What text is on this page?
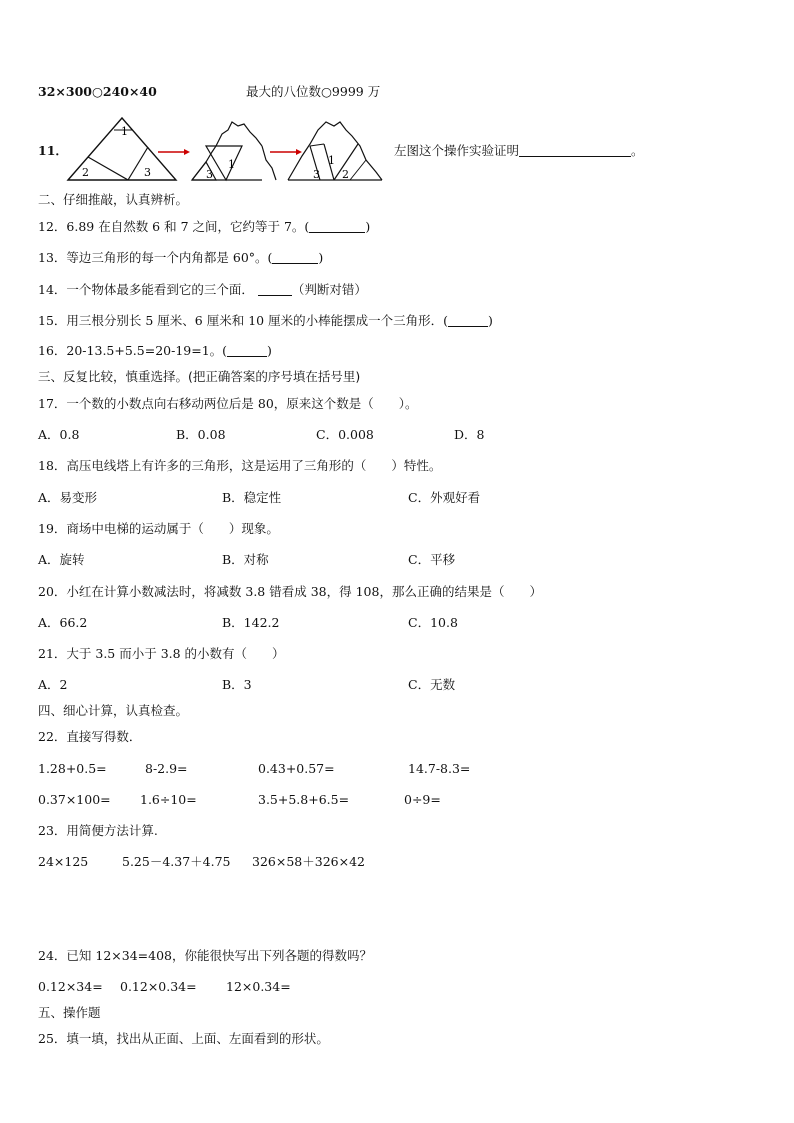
32×300○240×40	最大的八位数○9999 万
11．
1
2	3
1
3
1
3 2
左图这个操作实验证明	。
二、仔细推敲，认真辨析。
12．6.89 在自然数 6 和 7 之间，它约等于 7。(	)
13．等边三角形的每一个内角都是 60°。(	)
14．一个物体最多能看到它的三个面．	（判断对错）
15．用三根分别长 5 厘米、6 厘米和 10 厘米的小棒能摆成一个三角形．(	)
16．20-13.5+5.5=20-19=1。(	)
三、反复比较，慎重选择。(把正确答案的序号填在括号里)
17．一个数的小数点向右移动两位后是 80，原来这个数是（　　）。
A．0.8	B．0.08	C．0.008	D．8
18．高压电线塔上有许多的三角形，这是运用了三角形的（　　）特性。
A．易变形	B．稳定性	C．外观好看
19．商场中电梯的运动属于（　　）现象。
A．旋转	B．对称	C．平移
20．小红在计算小数减法时，将减数 3.8 错看成 38，得 108，那么正确的结果是（　　）
A．66.2	B．142.2	C．10.8
21．大于 3.5 而小于 3.8 的小数有（　　）
A．2	B．3	C．无数
四、细心计算，认真检查。
22．直接写得数．
1.28+0.5=	8-2.9=	0.43+0.57=	14.7-8.3=
0.37×100= 1.6÷10=	3.5+5.8+6.5=	0÷9=
23．用简便方法计算.
24×125	5.25－4.37＋4.75 326×58＋326×42
24．已知 12×34=408，你能很快写出下列各题的得数吗？
0.12×34= 0.12×0.34= 12×0.34=
五、操作题
25．填一填，找出从正面、上面、左面看到的形状。
